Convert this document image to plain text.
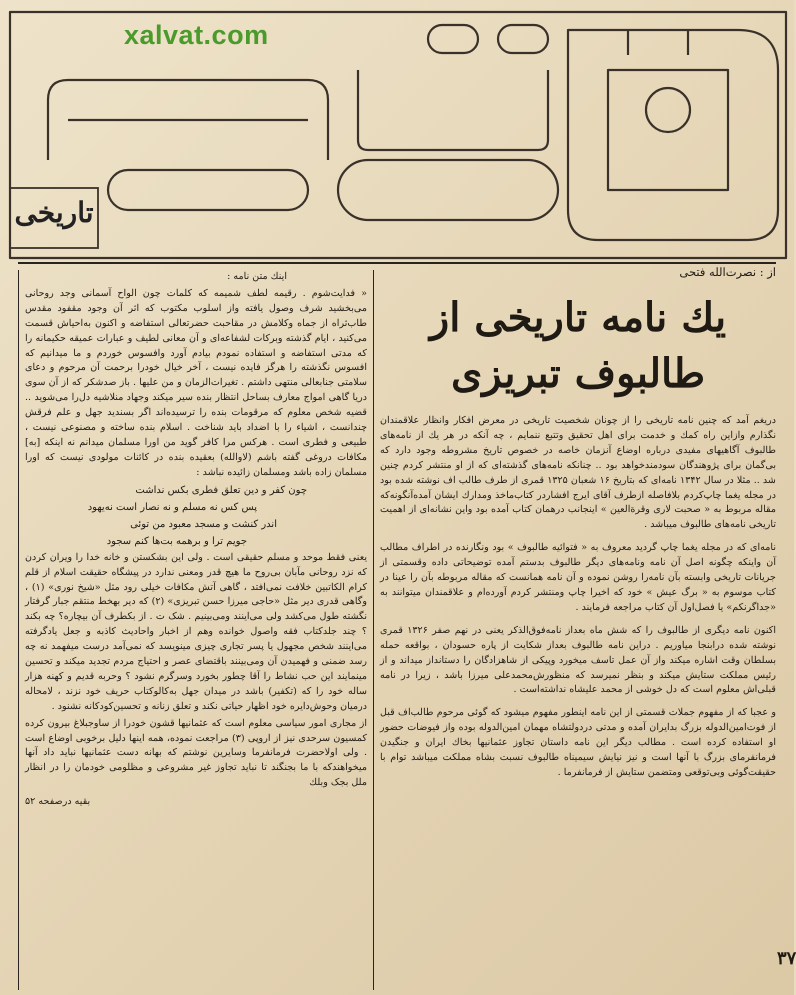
xalvat.com
تاریخی

از : نصرت‌الله فتحی

یك نامه تاریخی از
طالبوف تبریزی

دریغم آمد که چنین نامه تاریخی را از چونان شخصیت تاریخی در معرض افکار وانظار علاقمندان نگذارم وازاین راه کمك و خدمت برای اهل تحقیق وتتبع ننمایم ، چه آنکه در هر یك از نامه‌های طالبوف آگاهیهای مفیدی درباره اوضاع آنزمان خاصه در خصوص تاریخ مشروطه وجود دارد که بی‌گمان برای پژوهندگان سودمندخواهد بود .. چنانکه نامه‌های گذشته‌ای که از او منتشر کردم چنین شد .. مثلا در سال ۱۳۴۲ نامه‌ای که بتاریخ ۱۶ شعبان ۱۳۲۵ قمری از طرف طالب اف نوشته شده بود در مجله یغما چاپ‌کردم بلافاصله ازطرف آقای ایرج افشاردر کتاب‌ماخذ ومدارك ایشان آمده‌آنگونه‌که مقاله مربوط به « صحبت لاری وقرة‌العین » اینجانب درهمان کتاب آمده بود واین نشانه‌ای از اهمیت تاریخی نامه‌های طالبوف میباشد .

نامه‌ای که در مجله یغما چاپ گردید معروف به « فتوائیه طالبوف » بود ونگارنده در اطراف مطالب آن واینکه چگونه اصل آن نامه ونامه‌های دیگر طالبوف بدستم آمده توضیحاتی داده وقسمتی از جریانات تاریخی وابسته بآن نامه‌را روشن نموده و آن نامه همانست که مقاله مربوطه بآن را عینا در کتاب موسوم به « برگ عیش » خود که اخیرا چاپ ومنتشر کردم آورده‌ام و علاقمندان میتوانند به «جداگرنکم» یا فصل‌اول آن کتاب مراجعه فرمایند .

اکنون نامه دیگری از طالبوف را که شش ماه بعداز نامه‌فوق‌الذکر یعنی در نهم صفر ۱۳۲۶ قمری نوشته شده درابنجا میاوریم . دراین نامه طالبوف بعداز شکایت از پاره حسودان ، بواقعه حمله بسلطان وقت اشاره میکند واز آن عمل تاسف میخورد وپیکی از شاهزادگان را دستانداز میداند و از رئیس مملکت ستایش میکند و بنظر نمیرسد که منظورش‌محمدعلی میرزا باشد ، زیرا در نامه قبلی‌اش معلوم است که دل خوشی از محمد علیشاه نداشته‌است .

و عجبا که از مفهوم جملات قسمتی از این نامه اینطور مفهوم میشود که گوئی مرحوم طالب‌اف قبل از فوت‌امین‌الدوله بزرگ بدایران آمده و مدتی در‌دولتشاه مهمان امین‌الدوله بوده واز فیوضات حضور او استفاده کرده است . مطالب دیگر این نامه داستان تجاوز عثمانیها بخاك ایران و جنگیدن فرمانفرمای بزرگ با آنها است و نیز نیایش سیمیناه طالبوف نسبت بشاه مملکت میباشد توام با حقیقت‌گوئی وبی‌توقعی ومتضمن ستایش از فرمانفرما .

اینك متن نامه :

« فدایت‌شوم . رقیمه لطف شمیمه که کلمات چون الواح آسمانی وجد روحانی می‌بخشید شرف وصول یافته واز اسلوب مکتوب که اثر آن وجود مقفود مقدس طاب‌ثراه از جماه وکلامش در مقاحبت حضرتعالی استفاضه و اکنون به‌احیاش قسمت می‌کنید ، ایام گذشته وبرکات لشفاعه‌ای و آن معانی لطیف و عبارات عمیقه حکیمانه را که مدتی استفاضه و استفاده نمودم بیادم آورد وافسوس خوردم و ما میدانیم که افسوس نگذشته را هرگز فایده نیست ، آخر خیال خودرا برحمت آن مرحوم و دعای سلامتی جنابعالی منتهی داشتم . تغیرات‌الزمان و من علیها . باز صدشکر که از آن سوی دریا گاهی امواج معارف بساحل انتظار بنده سیر میکند وجهاد منلاشیه دل‌را می‌شوید .. قضیه شخص معلوم که مرقومات بنده را ترسیده‌اند اگر بسندید جهل و علم فرقش چندانست ، اشیاء را با اضداد باید شناخت . اسلام بنده ساخته و مصنوعی نیست ، طبیعی و فطری است . هرکس مرا کافر گوید من اورا مسلمان میدانم نه اینکه [به] مکافات دروغی گفته باشم (لاوالله) بعقیده بنده در کائنات مولودی نیست که اورا مسلمان زاده باشد ومسلمان زائیده نباشد :

چون کفر و دین تعلق فطری بکس نداشت

پس کس نه مسلم و نه نصار است نه‌یهود

اندر کنشت و مسجد معبود من توئی

جویم ترا و برهمه بت‌ها کنم سجود

یعنی فقط موحد و مسلم حقیقی است . ولی این بشکستن و خانه خدا را ویران کردن که نزد روحانی مآبان بی‌روح ما هیچ قدر ومعنی ندارد در پیشگاه حقیقت اسلام از قلم کرام الکاتبین خلافت نمی‌افتد ، گاهی آتش مکافات خیلی رود مثل «شیخ نوری» (۱) ، وگاهی قدری دیر مثل «حاجی میرزا حسن تبریزی» (۲) که دیر بهخط منتقم جبار گرفتار نگشته طول می‌کشد ولی می‌اینند ومی‌بینیم . شک ت . از بکطرف آن بیچاره؟ چه بکند ؟ چند جلدکتاب فقه واصول خوانده وهم از اخبار واحادیث کاذبه و جعل یادگرفته می‌اینند شخص مجهول یا پسر تجاری چیزی مینویسد که نمی‌آمد درست میفهمد نه چه رسد ضمنی و فهمیدن آن ومی‌بینند باقتضای عصر و احتیاج مردم تجدید میکند و تحسین مینمایند این حب نشاط را آقا چطور بخورد وسرگرم نشود ؟ وحربه قدیم و کهنه هزار ساله خود را که (تکفیر) باشد در میدان جهل به‌کالو‌کتاب حریف خود نزند ، لامحاله درمیان وحوش‌دایره خود اظهار حیاتی نکند و تعلق زنانه و تحسین‌کودکانه نشنود .

از مجاری امور سیاسی معلوم است که عثمانیها قشون خودرا از ساوجبلاغ بیرون کرده کمسیون سرحدی نیز از اروپی (۳) مراجعت نموده، همه اینها دلیل برخوبی اوضاع است . ولی اولاحضرت فرمانفرما وسایرین نوشتم که بهانه دست عثمانیها نباید داد آنها میخواهندکه با ما بجنگند تا نباید تجاوز غیر مشروعی و مظلومی خودمان را در انظار ملل بجک وبلك

بقیه درصفحه ۵۲
۳۷
